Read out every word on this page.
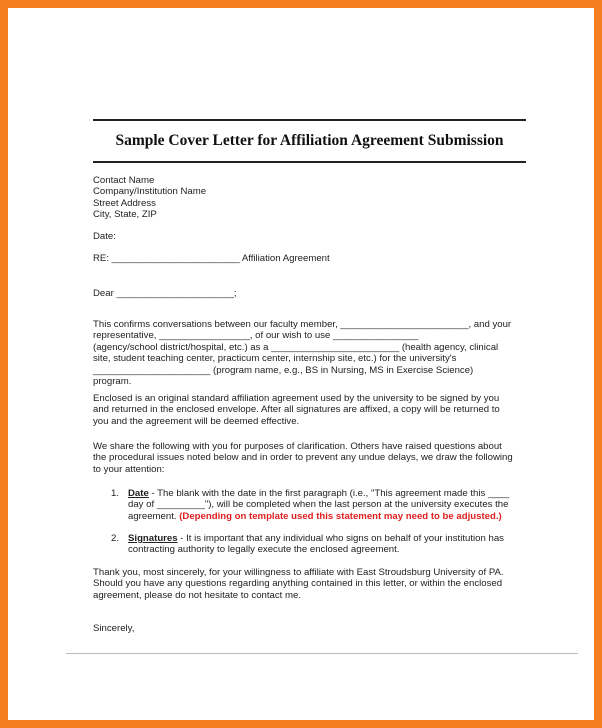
Sample Cover Letter for Affiliation Agreement Submission
Contact Name
Company/Institution Name
Street Address
City, State, ZIP
Date:
RE: ________________________ Affiliation Agreement
Dear ______________________;
This confirms conversations between our faculty member, ________________________, and your
representative, _________________, of our wish to use ________________
(agency/school district/hospital, etc.) as a ________________________ (health agency, clinical
site, student teaching center, practicum center, internship site, etc.) for the university's
______________________ (program name, e.g., BS in Nursing, MS in Exercise Science)
program.
Enclosed is an original standard affiliation agreement used by the university to be signed by you
and returned in the enclosed envelope. After all signatures are affixed, a copy will be returned to
you and the agreement will be deemed effective.
We share the following with you for purposes of clarification. Others have raised questions about
the procedural issues noted below and in order to prevent any undue delays, we draw the following
to your attention:
1. Date - The blank with the date in the first paragraph (i.e., "This agreement made this ____
day of _________"), will be completed when the last person at the university executes the
agreement. (Depending on template used this statement may need to be adjusted.)
2. Signatures - It is important that any individual who signs on behalf of your institution has
contracting authority to legally execute the enclosed agreement.
Thank you, most sincerely, for your willingness to affiliate with East Stroudsburg University of PA.
Should you have any questions regarding anything contained in this letter, or within the enclosed
agreement, please do not hesitate to contact me.
Sincerely,
